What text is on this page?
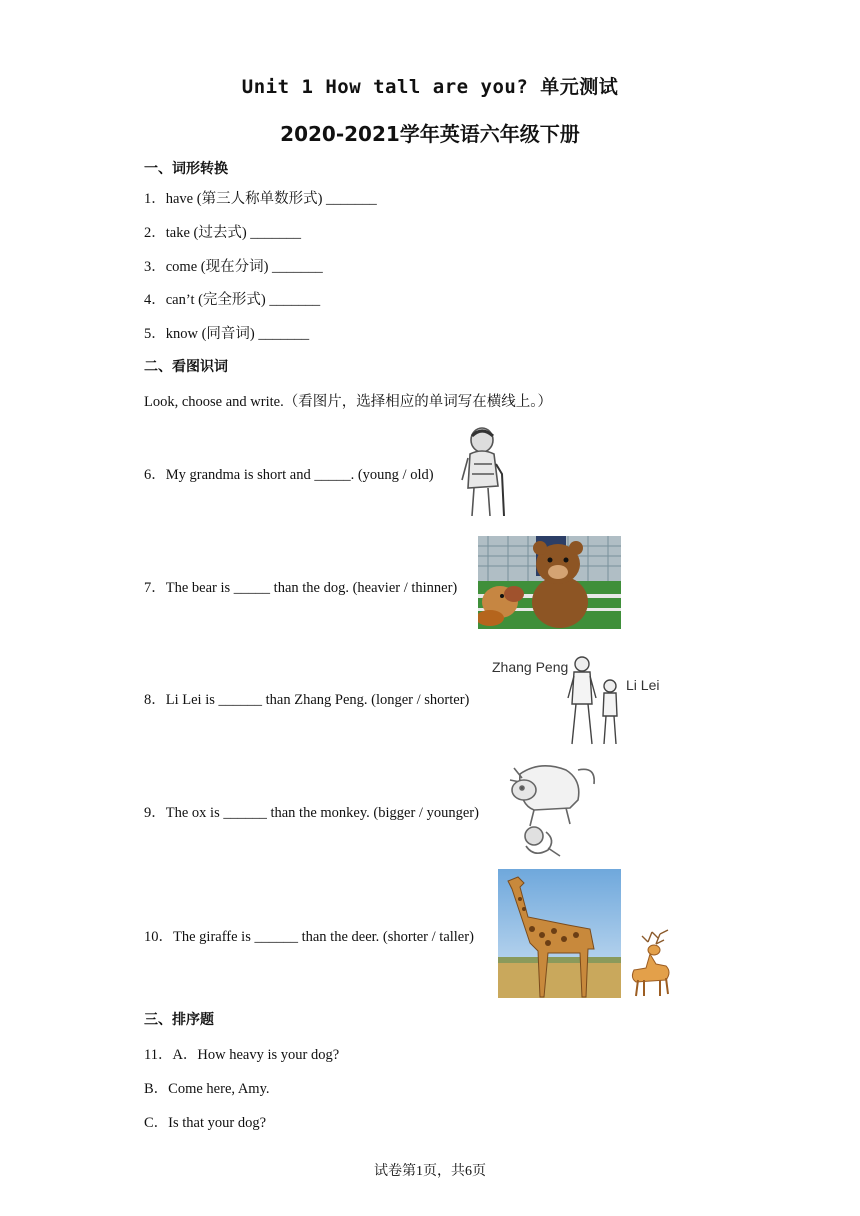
Unit 1 How tall are you? 单元测试
2020-2021学年英语六年级下册
一、词形转换
1．have (第三人称单数形式) _______
2．take (过去式) _______
3．come (现在分词) _______
4．can’t (完全形式) _______
5．know (同音词) _______
二、看图识词
Look, choose and write.（看图片，选择相应的单词写在横线上。）
6．My grandma is short and _____. (young / old)
7．The bear is _____ than the dog. (heavier / thinner)
8．Li Lei is ______ than Zhang Peng. (longer / shorter)
Zhang Peng
Li Lei
9．The ox is ______ than the monkey. (bigger / younger)
10．The giraffe is ______ than the deer. (shorter / taller)
三、排序题
11．A．How heavy is your dog?
B．Come here, Amy.
C．Is that your dog?
试卷第1页，共6页
